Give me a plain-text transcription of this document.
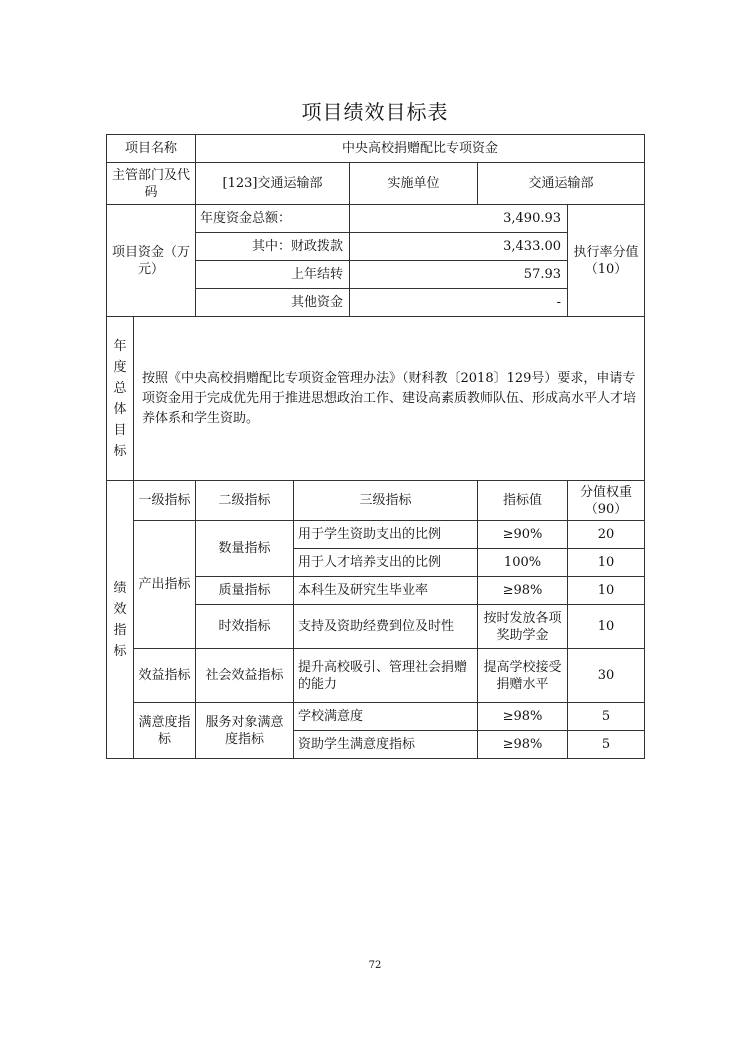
项目绩效目标表
项目名称		中央高校捐赠配比专项资金				
主管部门及代码		[123]交通运输部		实施单位	交通运输部	
项目资金（万元）		年度资金总额：		3,490.93		执行率分值（10）
		其中：财政拨款		3,433.00		
		上年结转		57.93		
		其他资金		-		

年度总体目标	按照《中央高校捐赠配比专项资金管理办法》（财科教〔2018〕129号）要求，申请专项资金用于完成优先用于推进思想政治工作、建设高素质教师队伍、形成高水平人才培养体系和学生资助。					

绩效指标	一级指标	二级指标	三级指标		指标值	分值权重（90）
	产出指标	数量指标	用于学生资助支出的比例		≥90%	20
			用于人才培养支出的比例		100%	10
		质量指标	本科生及研究生毕业率		≥98%	10
		时效指标	支持及资助经费到位及时性		按时发放各项奖助学金	10
	效益指标	社会效益指标	提升高校吸引、管理社会捐赠的能力		提高学校接受捐赠水平	30
	满意度指标	服务对象满意度指标	学校满意度		≥98%	5
			资助学生满意度指标		≥98%	5
72
